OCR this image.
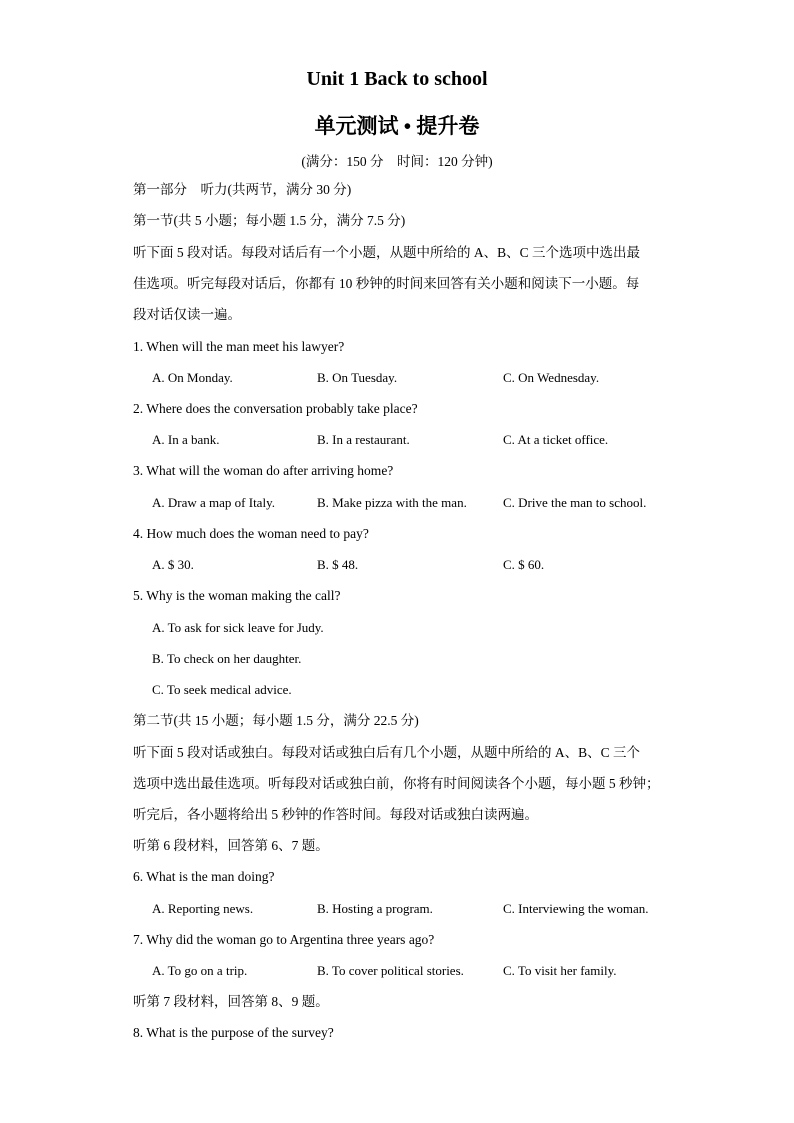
Unit 1 Back to school
单元测试 • 提升卷
(满分：150 分　时间：120 分钟)
第一部分　听力(共两节，满分 30 分)
第一节(共 5 小题；每小题 1.5 分，满分 7.5 分)
听下面 5 段对话。每段对话后有一个小题，从题中所给的 A、B、C 三个选项中选出最
佳选项。听完每段对话后，你都有 10 秒钟的时间来回答有关小题和阅读下一小题。每
段对话仅读一遍。
1. When will the man meet his lawyer?
A. On Monday.	B. On Tuesday.	C. On Wednesday.
2. Where does the conversation probably take place?
A. In a bank.	B. In a restaurant.	C. At a ticket office.
3. What will the woman do after arriving home?
A. Draw a map of Italy.	B. Make pizza with the man.	C. Drive the man to school.
4. How much does the woman need to pay?
A. $ 30.	B. $ 48.	C. $ 60.
5. Why is the woman making the call?
A. To ask for sick leave for Judy.
B. To check on her daughter.
C. To seek medical advice.
第二节(共 15 小题；每小题 1.5 分，满分 22.5 分)
听下面 5 段对话或独白。每段对话或独白后有几个小题，从题中所给的 A、B、C 三个
选项中选出最佳选项。听每段对话或独白前，你将有时间阅读各个小题，每小题 5 秒钟；
听完后，各小题将给出 5 秒钟的作答时间。每段对话或独白读两遍。
听第 6 段材料，回答第 6、7 题。
6. What is the man doing?
A. Reporting news.	B. Hosting a program.	C. Interviewing the woman.
7. Why did the woman go to Argentina three years ago?
A. To go on a trip.	B. To cover political stories.	C. To visit her family.
听第 7 段材料，回答第 8、9 题。
8. What is the purpose of the survey?
